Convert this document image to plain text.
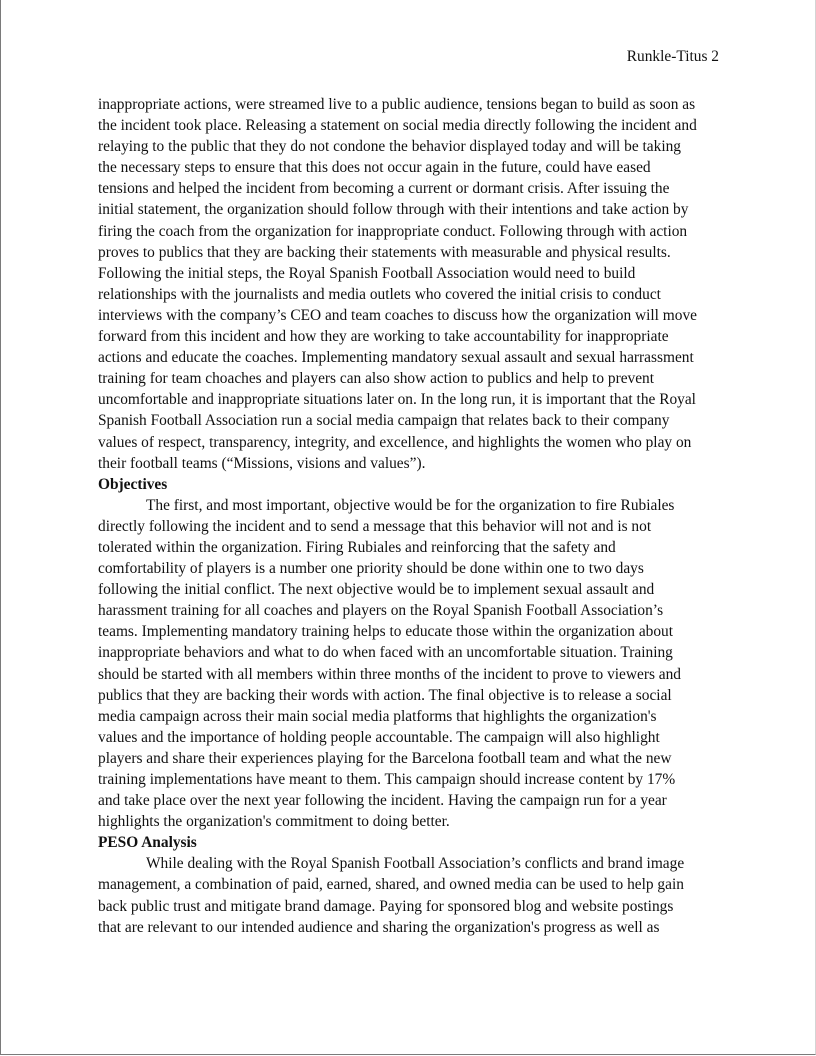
Runkle-Titus 2
inappropriate actions, were streamed live to a public audience, tensions began to build as soon as
the incident took place. Releasing a statement on social media directly following the incident and
relaying to the public that they do not condone the behavior displayed today and will be taking
the necessary steps to ensure that this does not occur again in the future, could have eased
tensions and helped the incident from becoming a current or dormant crisis. After issuing the
initial statement, the organization should follow through with their intentions and take action by
firing the coach from the organization for inappropriate conduct. Following through with action
proves to publics that they are backing their statements with measurable and physical results.
Following the initial steps, the Royal Spanish Football Association would need to build
relationships with the journalists and media outlets who covered the initial crisis to conduct
interviews with the company’s CEO and team coaches to discuss how the organization will move
forward from this incident and how they are working to take accountability for inappropriate
actions and educate the coaches. Implementing mandatory sexual assault and sexual harrassment
training for team choaches and players can also show action to publics and help to prevent
uncomfortable and inappropriate situations later on. In the long run, it is important that the Royal
Spanish Football Association run a social media campaign that relates back to their company
values of respect, transparency, integrity, and excellence, and highlights the women who play on
their football teams (“Missions, visions and values”).
Objectives
The first, and most important, objective would be for the organization to fire Rubiales
directly following the incident and to send a message that this behavior will not and is not
tolerated within the organization. Firing Rubiales and reinforcing that the safety and
comfortability of players is a number one priority should be done within one to two days
following the initial conflict. The next objective would be to implement sexual assault and
harassment training for all coaches and players on the Royal Spanish Football Association’s
teams. Implementing mandatory training helps to educate those within the organization about
inappropriate behaviors and what to do when faced with an uncomfortable situation. Training
should be started with all members within three months of the incident to prove to viewers and
publics that they are backing their words with action. The final objective is to release a social
media campaign across their main social media platforms that highlights the organization's
values and the importance of holding people accountable. The campaign will also highlight
players and share their experiences playing for the Barcelona football team and what the new
training implementations have meant to them. This campaign should increase content by 17%
and take place over the next year following the incident. Having the campaign run for a year
highlights the organization's commitment to doing better.
PESO Analysis
While dealing with the Royal Spanish Football Association’s conflicts and brand image
management, a combination of paid, earned, shared, and owned media can be used to help gain
back public trust and mitigate brand damage. Paying for sponsored blog and website postings
that are relevant to our intended audience and sharing the organization's progress as well as
